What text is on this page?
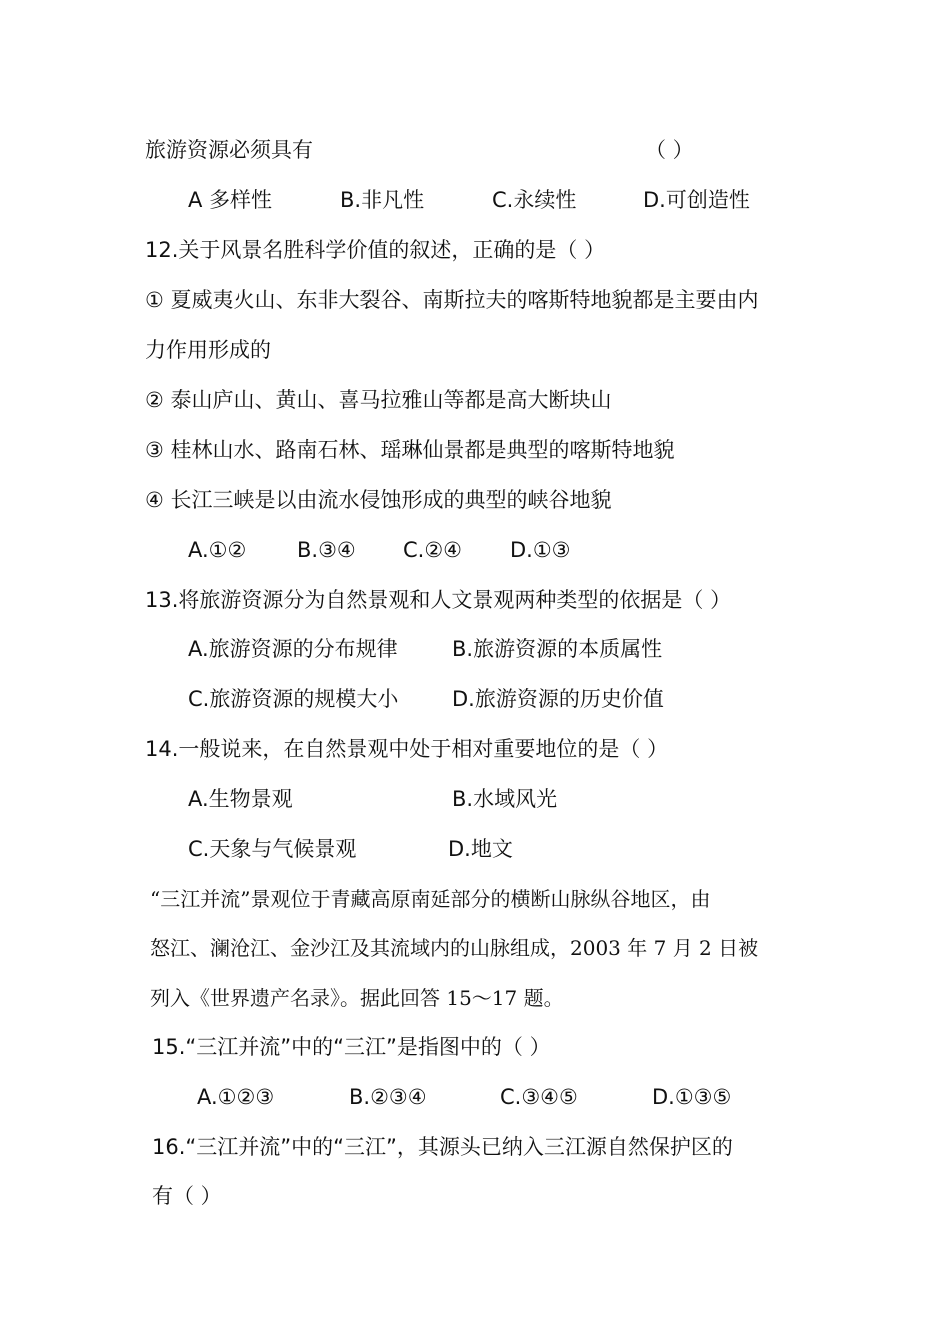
旅游资源必须具有	（ ）
A 多样性	B.非凡性	C.永续性	D.可创造性
12.关于风景名胜科学价值的叙述，正确的是（ ）
① 夏威夷火山、东非大裂谷、南斯拉夫的喀斯特地貌都是主要由内
力作用形成的
② 泰山庐山、黄山、喜马拉雅山等都是高大断块山
③ 桂林山水、路南石林、瑶琳仙景都是典型的喀斯特地貌
④ 长江三峡是以由流水侵蚀形成的典型的峡谷地貌
A.①② B.③④ C.②④ D.①③
13.将旅游资源分为自然景观和人文景观两种类型的依据是（ ）
A.旅游资源的分布规律	B.旅游资源的本质属性
C.旅游资源的规模大小	D.旅游资源的历史价值
14.一般说来，在自然景观中处于相对重要地位的是（ ）
A.生物景观	B.水域风光
C.天象与气候景观	D.地文
“三江并流”景观位于青藏高原南延部分的横断山脉纵谷地区，由
怒江、澜沧江、金沙江及其流域内的山脉组成，2003 年 7 月 2 日被
列入《世界遗产名录》。据此回答 15～17 题。
15.“三江并流”中的“三江”是指图中的（ ）
A.①②③	B.②③④	C.③④⑤	D.①③⑤
16.“三江并流”中的“三江”，其源头已纳入三江源自然保护区的
有（ ）
